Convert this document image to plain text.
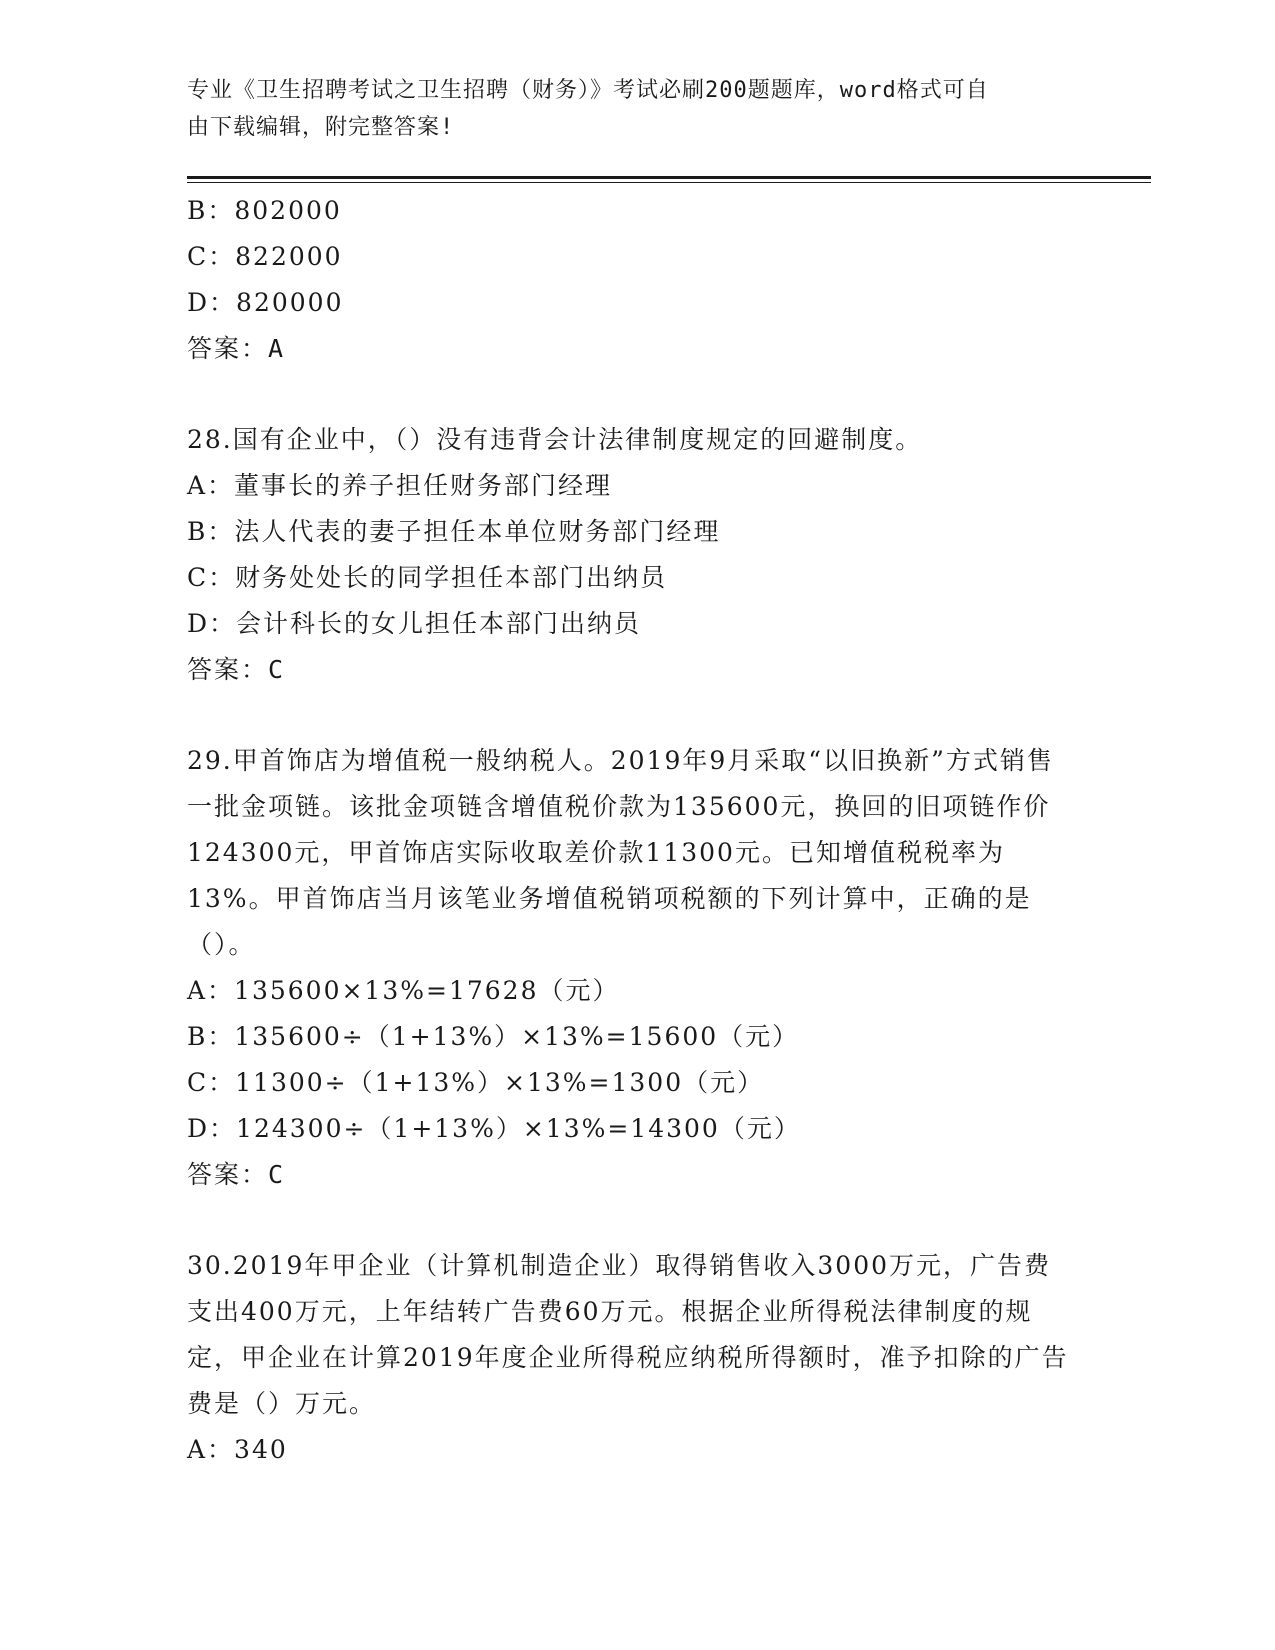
专业《卫生招聘考试之卫生招聘（财务）》考试必刷200题题库，word格式可自
由下载编辑，附完整答案!
B：802000
C：822000
D：820000
答案：A
28.国有企业中，（）没有违背会计法律制度规定的回避制度。
A：董事长的养子担任财务部门经理
B：法人代表的妻子担任本单位财务部门经理
C：财务处处长的同学担任本部门出纳员
D：会计科长的女儿担任本部门出纳员
答案：C
29.甲首饰店为增值税一般纳税人。2019年9月采取“以旧换新”方式销售一批金项链。该批金项链含增值税价款为135600元，换回的旧项链作价124300元，甲首饰店实际收取差价款11300元。已知增值税税率为13%。甲首饰店当月该笔业务增值税销项税额的下列计算中，正确的是（）。
A：135600×13%=17628（元）
B：135600÷（1+13%）×13%=15600（元）
C：11300÷（1+13%）×13%=1300（元）
D：124300÷（1+13%）×13%=14300（元）
答案：C
30.2019年甲企业（计算机制造企业）取得销售收入3000万元，广告费支出400万元，上年结转广告费60万元。根据企业所得税法律制度的规定，甲企业在计算2019年度企业所得税应纳税所得额时，准予扣除的广告费是（）万元。
A：340
